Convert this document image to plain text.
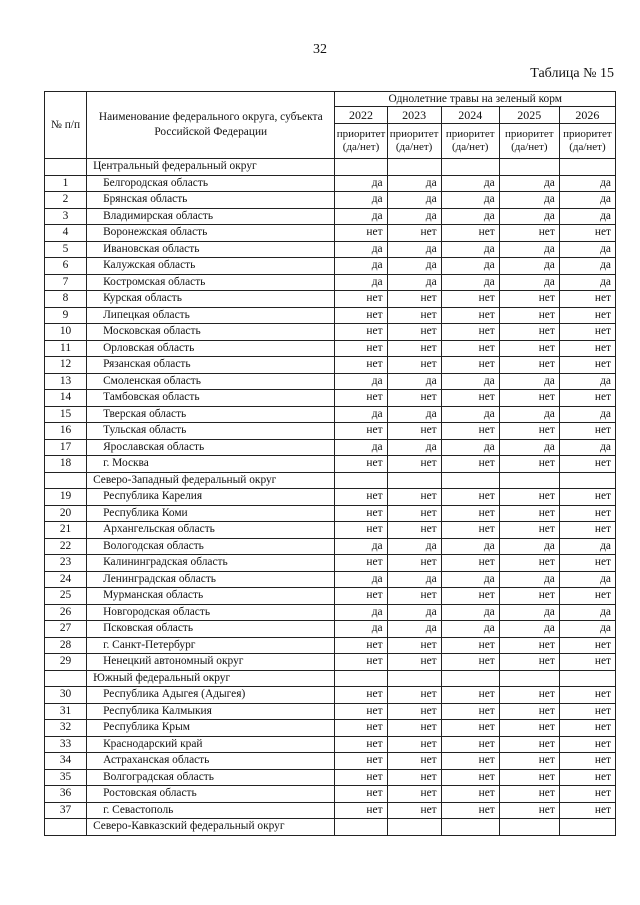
32
Таблица № 15
№ п/п	Наименование федерального округа, субъекта Российской Федерации	Однолетние травы на зеленый корм				
		2022	2023	2024	2025	2026
		приоритет (да/нет)	приоритет (да/нет)	приоритет (да/нет)	приоритет (да/нет)	приоритет (да/нет)
	Центральный федеральный округ					
1	Белгородская область	да	да	да	да	да
2	Брянская область	да	да	да	да	да
3	Владимирская область	да	да	да	да	да
4	Воронежская область	нет	нет	нет	нет	нет
5	Ивановская область	да	да	да	да	да
6	Калужская область	да	да	да	да	да
7	Костромская область	да	да	да	да	да
8	Курская область	нет	нет	нет	нет	нет
9	Липецкая область	нет	нет	нет	нет	нет
10	Московская область	нет	нет	нет	нет	нет
11	Орловская область	нет	нет	нет	нет	нет
12	Рязанская область	нет	нет	нет	нет	нет
13	Смоленская область	да	да	да	да	да
14	Тамбовская область	нет	нет	нет	нет	нет
15	Тверская область	да	да	да	да	да
16	Тульская область	нет	нет	нет	нет	нет
17	Ярославская область	да	да	да	да	да
18	г. Москва	нет	нет	нет	нет	нет
	Северо-Западный федеральный округ					
19	Республика Карелия	нет	нет	нет	нет	нет
20	Республика Коми	нет	нет	нет	нет	нет
21	Архангельская область	нет	нет	нет	нет	нет
22	Вологодская область	да	да	да	да	да
23	Калининградская область	нет	нет	нет	нет	нет
24	Ленинградская область	да	да	да	да	да
25	Мурманская область	нет	нет	нет	нет	нет
26	Новгородская область	да	да	да	да	да
27	Псковская область	да	да	да	да	да
28	г. Санкт-Петербург	нет	нет	нет	нет	нет
29	Ненецкий автономный округ	нет	нет	нет	нет	нет
	Южный федеральный округ					
30	Республика Адыгея (Адыгея)	нет	нет	нет	нет	нет
31	Республика Калмыкия	нет	нет	нет	нет	нет
32	Республика Крым	нет	нет	нет	нет	нет
33	Краснодарский край	нет	нет	нет	нет	нет
34	Астраханская область	нет	нет	нет	нет	нет
35	Волгоградская область	нет	нет	нет	нет	нет
36	Ростовская область	нет	нет	нет	нет	нет
37	г. Севастополь	нет	нет	нет	нет	нет
	Северо-Кавказский федеральный округ					
